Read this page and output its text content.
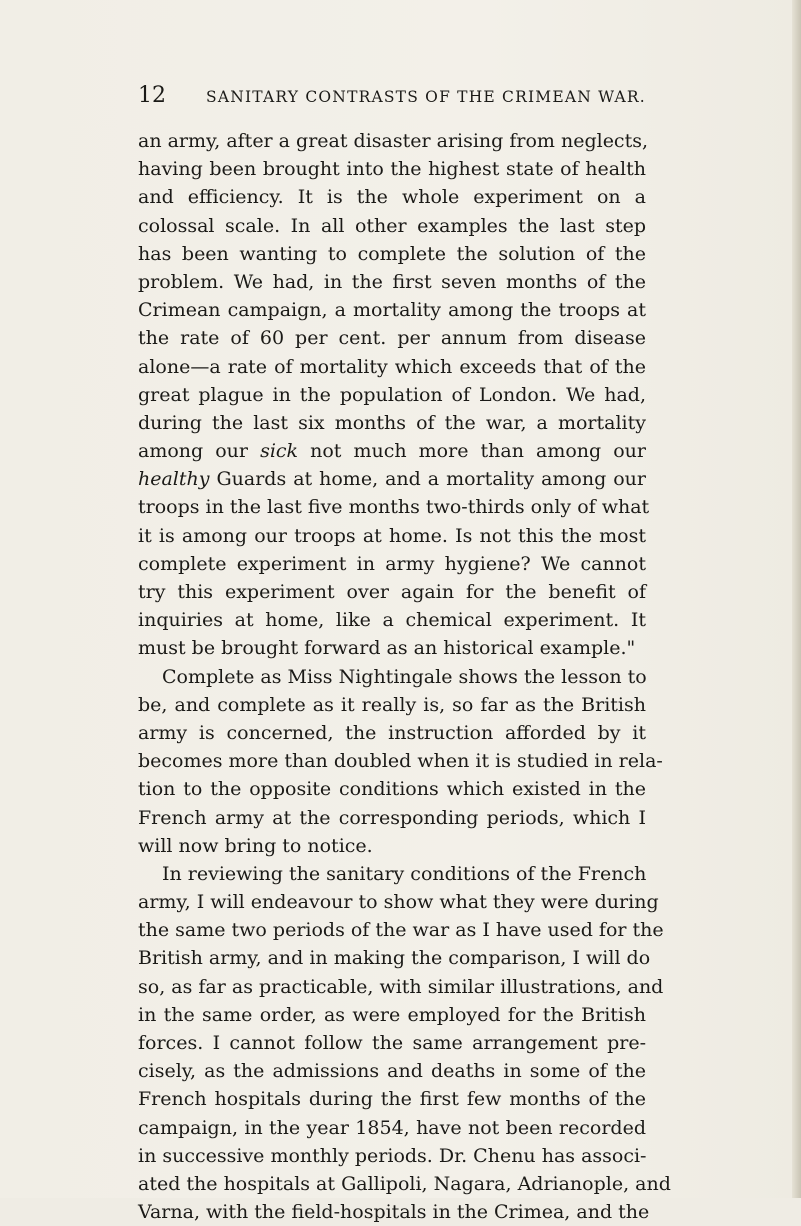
12	SANITARY CONTRASTS OF THE CRIMEAN WAR.
an army, after a great disaster arising from neglects,
having been brought into the highest state of health
and efficiency. It is the whole experiment on a
colossal scale. In all other examples the last step
has been wanting to complete the solution of the
problem. We had, in the first seven months of the
Crimean campaign, a mortality among the troops at
the rate of 60 per cent. per annum from disease
alone—a rate of mortality which exceeds that of the
great plague in the population of London. We had,
during the last six months of the war, a mortality
among our sick not much more than among our
healthy Guards at home, and a mortality among our
troops in the last five months two-thirds only of what
it is among our troops at home. Is not this the most
complete experiment in army hygiene? We cannot
try this experiment over again for the benefit of
inquiries at home, like a chemical experiment. It
must be brought forward as an historical example."
Complete as Miss Nightingale shows the lesson to
be, and complete as it really is, so far as the British
army is concerned, the instruction afforded by it
becomes more than doubled when it is studied in rela-
tion to the opposite conditions which existed in the
French army at the corresponding periods, which I
will now bring to notice.
In reviewing the sanitary conditions of the French
army, I will endeavour to show what they were during
the same two periods of the war as I have used for the
British army, and in making the comparison, I will do
so, as far as practicable, with similar illustrations, and
in the same order, as were employed for the British
forces. I cannot follow the same arrangement pre-
cisely, as the admissions and deaths in some of the
French hospitals during the first few months of the
campaign, in the year 1854, have not been recorded
in successive monthly periods. Dr. Chenu has associ-
ated the hospitals at Gallipoli, Nagara, Adrianople, and
Varna, with the field-hospitals in the Crimea, and the
